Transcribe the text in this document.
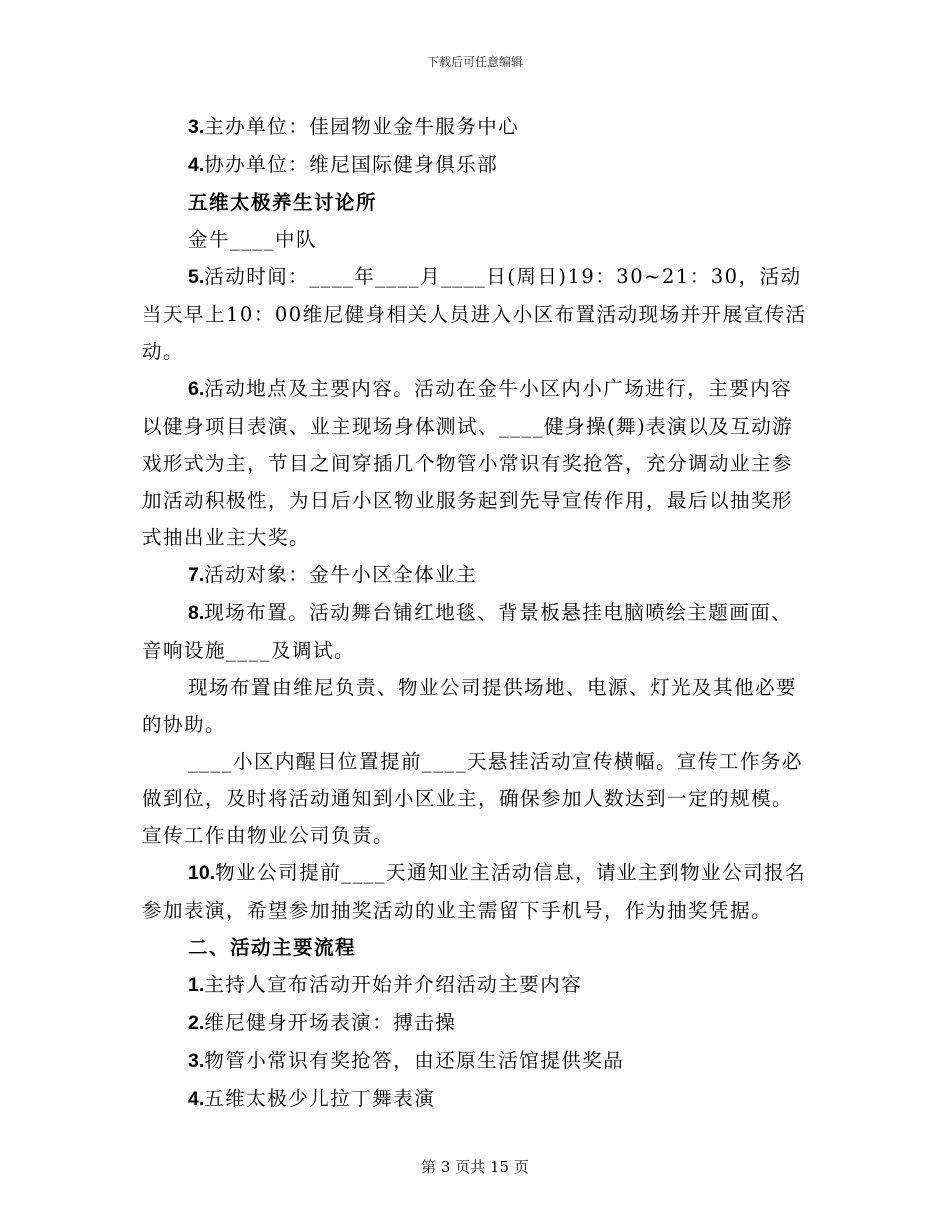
下载后可任意编辑

3.主办单位：佳园物业金牛服务中心

4.协办单位：维尼国际健身俱乐部

五维太极养生讨论所

金牛____中队

5.活动时间：____年____月____日(周日)19：30~21：30，活动当天早上10：00维尼健身相关人员进入小区布置活动现场并开展宣传活动。

6.活动地点及主要内容。活动在金牛小区内小广场进行，主要内容以健身项目表演、业主现场身体测试、____健身操(舞)表演以及互动游戏形式为主，节目之间穿插几个物管小常识有奖抢答，充分调动业主参加活动积极性，为日后小区物业服务起到先导宣传作用，最后以抽奖形式抽出业主大奖。

7.活动对象：金牛小区全体业主

8.现场布置。活动舞台铺红地毯、背景板悬挂电脑喷绘主题画面、音响设施____及调试。

现场布置由维尼负责、物业公司提供场地、电源、灯光及其他必要的协助。

____小区内醒目位置提前____天悬挂活动宣传横幅。宣传工作务必做到位，及时将活动通知到小区业主，确保参加人数达到一定的规模。宣传工作由物业公司负责。

10.物业公司提前____天通知业主活动信息，请业主到物业公司报名参加表演，希望参加抽奖活动的业主需留下手机号，作为抽奖凭据。

二、活动主要流程

1.主持人宣布活动开始并介绍活动主要内容

2.维尼健身开场表演：搏击操

3.物管小常识有奖抢答，由还原生活馆提供奖品

4.五维太极少儿拉丁舞表演

第 3 页共 15 页
